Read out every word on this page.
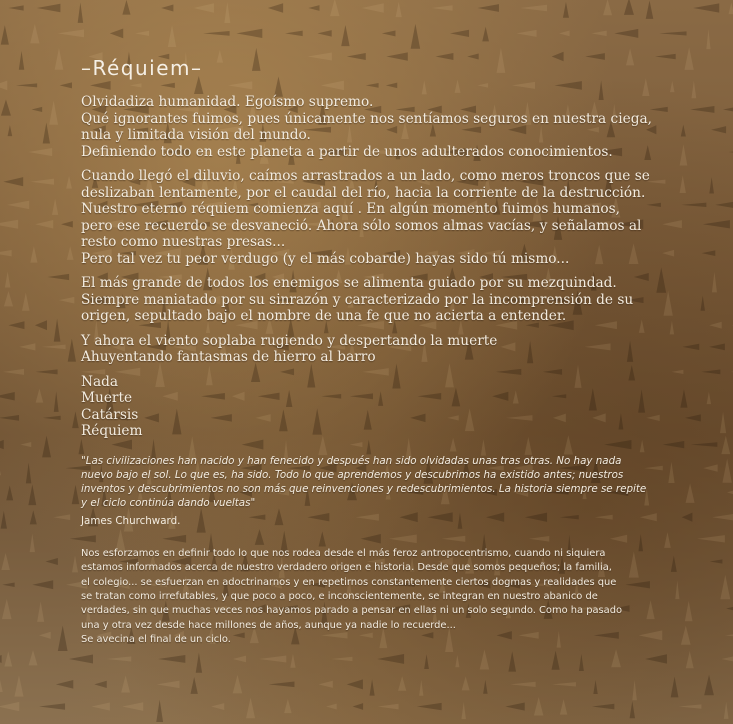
–Réquiem–
Olvidadiza humanidad. Egoísmo supremo.
Qué ignorantes fuimos, pues únicamente nos sentíamos seguros en nuestra ciega,
nula y limitada visión del mundo.
Definiendo todo en este planeta a partir de unos adulterados conocimientos.
Cuando llegó el diluvio, caímos arrastrados a un lado, como meros troncos que se
deslizaban lentamente, por el caudal del río, hacia la corriente de la destrucción.
Nuestro eterno réquiem comienza aquí . En algún momento fuimos humanos,
pero ese recuerdo se desvaneció. Ahora sólo somos almas vacías, y señalamos al
resto como nuestras presas...
Pero tal vez tu peor verdugo (y el más cobarde) hayas sido tú mismo...
El más grande de todos los enemigos se alimenta guiado por su mezquindad.
Siempre maniatado por su sinrazón y caracterizado por la incomprensión de su
origen, sepultado bajo el nombre de una fe que no acierta a entender.
Y ahora el viento soplaba rugiendo y despertando la muerte
Ahuyentando fantasmas de hierro al barro
Nada
Muerte
Catársis
Réquiem
"Las civilizaciones han nacido y han fenecido y después han sido olvidadas unas tras otras. No hay nada
nuevo bajo el sol. Lo que es, ha sido. Todo lo que aprendemos y descubrimos ha existido antes; nuestros
inventos y descubrimientos no son más que reinvenciones y redescubrimientos. La historia siempre se repite
y el ciclo continúa dando vueltas"
James Churchward.
Nos esforzamos en definir todo lo que nos rodea desde el más feroz antropocentrismo, cuando ni siquiera
estamos informados acerca de nuestro verdadero origen e historia. Desde que somos pequeños; la familia,
el colegio... se esfuerzan en adoctrinarnos y en repetirnos constantemente ciertos dogmas y realidades que
se tratan como irrefutables, y que poco a poco, e inconscientemente, se integran en nuestro abanico de
verdades, sin que muchas veces nos hayamos parado a pensar en ellas ni un solo segundo. Como ha pasado
una y otra vez desde hace millones de años, aunque ya nadie lo recuerde...
Se avecina el final de un ciclo.
